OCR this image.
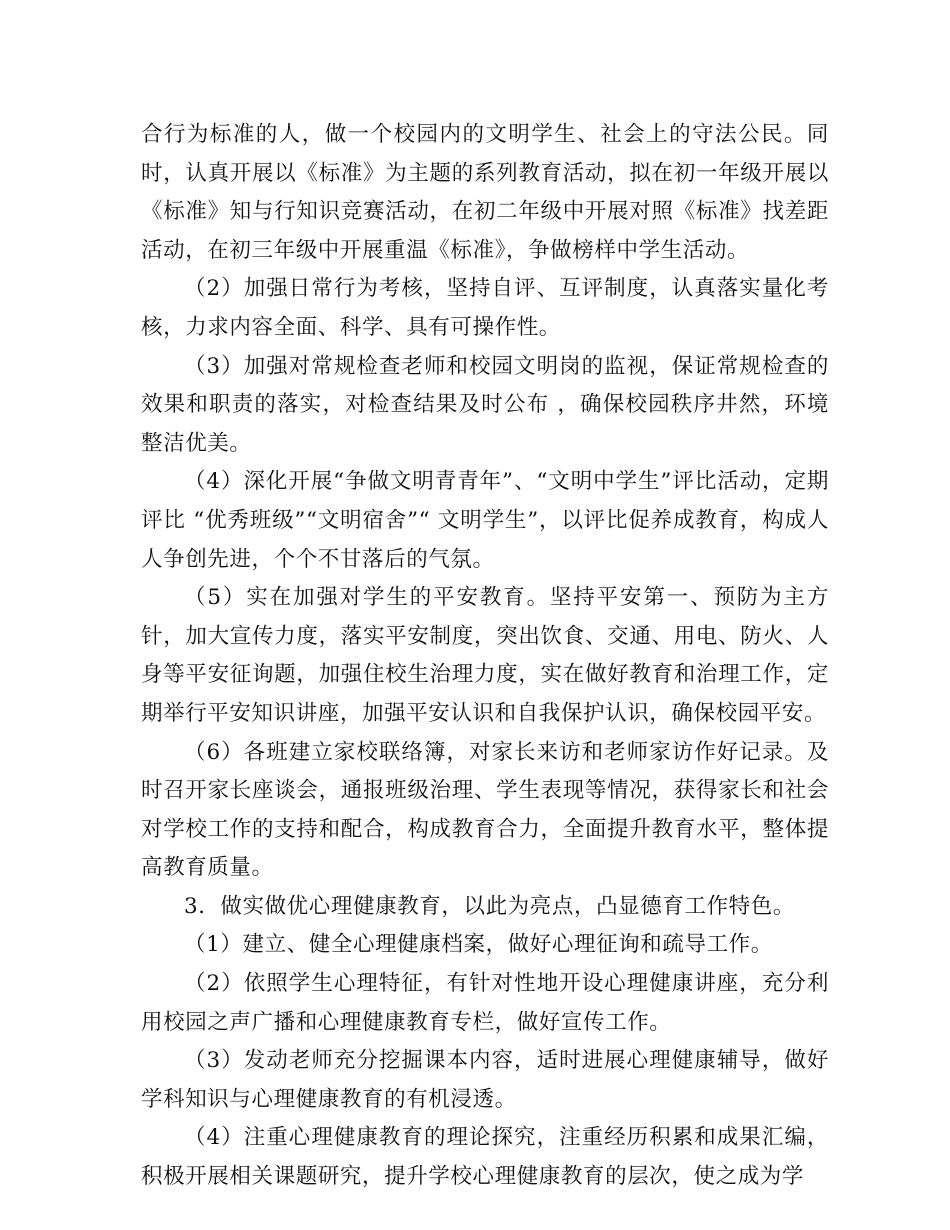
合行为标准的人，做一个校园内的文明学生、社会上的守法公民。同时，认真开展以《标准》为主题的系列教育活动，拟在初一年级开展以《标准》知与行知识竞赛活动，在初二年级中开展对照《标准》找差距活动，在初三年级中开展重温《标准》，争做榜样中学生活动。

（2）加强日常行为考核，坚持自评、互评制度，认真落实量化考核，力求内容全面、科学、具有可操作性。

（3）加强对常规检查老师和校园文明岗的监视，保证常规检查的效果和职责的落实，对检查结果及时公布 ，确保校园秩序井然，环境整洁优美。

（4）深化开展“争做文明青青年”、“文明中学生”评比活动，定期评比 “优秀班级”“文明宿舍”“ 文明学生”，以评比促养成教育，构成人人争创先进，个个不甘落后的气氛。

（5）实在加强对学生的平安教育。坚持平安第一、预防为主方针，加大宣传力度，落实平安制度，突出饮食、交通、用电、防火、人身等平安征询题，加强住校生治理力度，实在做好教育和治理工作，定期举行平安知识讲座，加强平安认识和自我保护认识，确保校园平安。

（6）各班建立家校联络簿，对家长来访和老师家访作好记录。及时召开家长座谈会，通报班级治理、学生表现等情况，获得家长和社会对学校工作的支持和配合，构成教育合力，全面提升教育水平，整体提高教育质量。

3．做实做优心理健康教育，以此为亮点，凸显德育工作特色。

（1）建立、健全心理健康档案，做好心理征询和疏导工作。

（2）依照学生心理特征，有针对性地开设心理健康讲座，充分利用校园之声广播和心理健康教育专栏，做好宣传工作。

（3）发动老师充分挖掘课本内容，适时进展心理健康辅导，做好学科知识与心理健康教育的有机浸透。

（4）注重心理健康教育的理论探究，注重经历积累和成果汇编，积极开展相关课题研究，提升学校心理健康教育的层次，使之成为学
